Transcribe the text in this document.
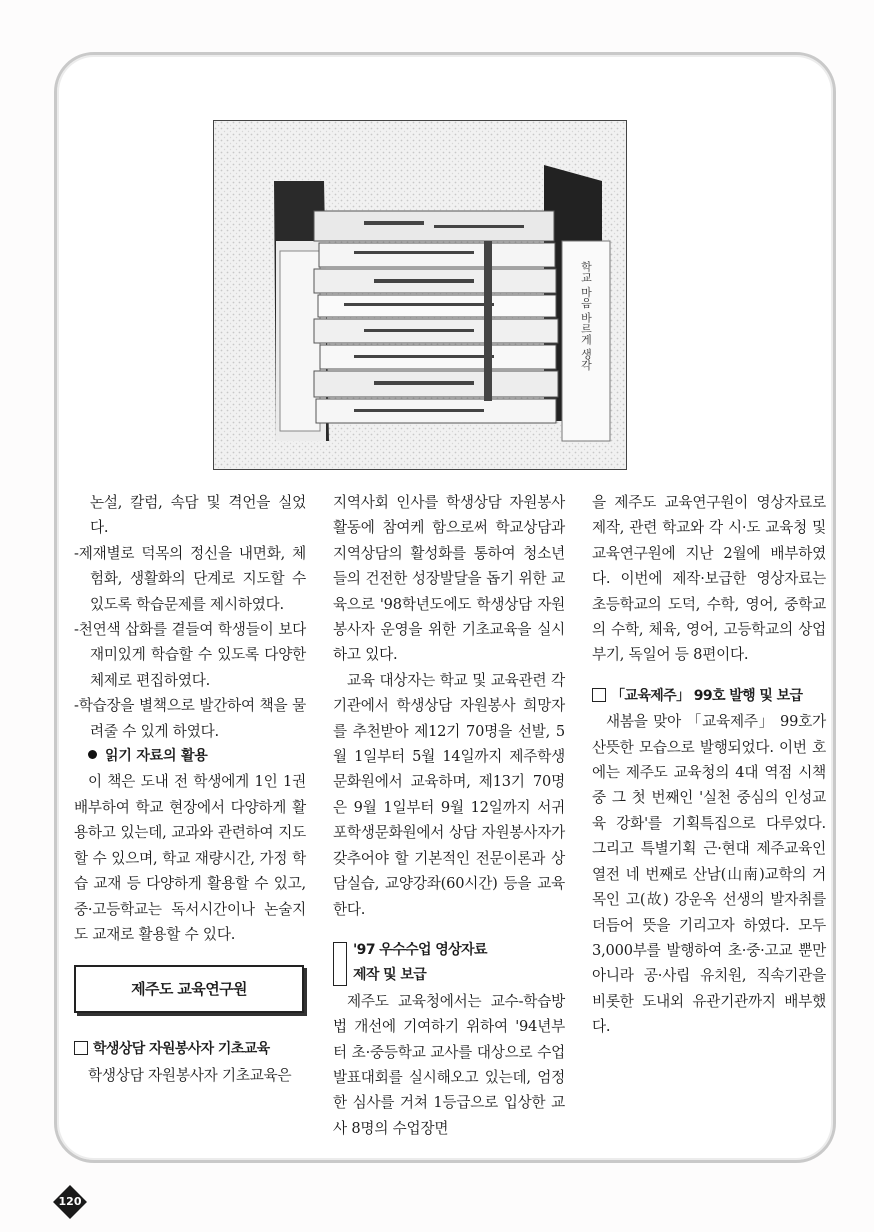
학교 마음 바르게 생각

논설, 칼럼, 속담 및 격언을 실었다.

-제재별로 덕목의 정신을 내면화, 체험화, 생활화의 단계로 지도할 수 있도록 학습문제를 제시하였다.

-천연색 삽화를 곁들여 학생들이 보다 재미있게 학습할 수 있도록 다양한 체제로 편집하였다.

-학습장을 별책으로 발간하여 책을 물려줄 수 있게 하였다.

읽기 자료의 활용

이 책은 도내 전 학생에게 1인 1권 배부하여 학교 현장에서 다양하게 활용하고 있는데, 교과와 관련하여 지도할 수 있으며, 학교 재량시간, 가정 학습 교재 등 다양하게 활용할 수 있고, 중·고등학교는 독서시간이나 논술지도 교재로 활용할 수 있다.

제주도 교육연구원

학생상담 자원봉사자 기초교육

학생상담 자원봉사자 기초교육은

지역사회 인사를 학생상담 자원봉사 활동에 참여케 함으로써 학교상담과 지역상담의 활성화를 통하여 청소년들의 건전한 성장발달을 돕기 위한 교육으로 '98학년도에도 학생상담 자원봉사자 운영을 위한 기초교육을 실시하고 있다.

교육 대상자는 학교 및 교육관련 각 기관에서 학생상담 자원봉사 희망자를 추천받아 제12기 70명을 선발, 5월 1일부터 5월 14일까지 제주학생문화원에서 교육하며, 제13기 70명은 9월 1일부터 9월 12일까지 서귀포학생문화원에서 상담 자원봉사자가 갖추어야 할 기본적인 전문이론과 상담실습, 교양강좌(60시간) 등을 교육한다.

'97 우수수업 영상자료
제작 및 보급

제주도 교육청에서는 교수-학습방법 개선에 기여하기 위하여 '94년부터 초·중등학교 교사를 대상으로 수업발표대회를 실시해오고 있는데, 엄정한 심사를 거쳐 1등급으로 입상한 교사 8명의 수업장면

을 제주도 교육연구원이 영상자료로 제작, 관련 학교와 각 시·도 교육청 및 교육연구원에 지난 2월에 배부하였다. 이번에 제작·보급한 영상자료는 초등학교의 도덕, 수학, 영어, 중학교의 수학, 체육, 영어, 고등학교의 상업부기, 독일어 등 8편이다.

「교육제주」 99호 발행 및 보급

새봄을 맞아 「교육제주」 99호가 산뜻한 모습으로 발행되었다. 이번 호에는 제주도 교육청의 4대 역점 시책 중 그 첫 번째인 '실천 중심의 인성교육 강화'를 기획특집으로 다루었다. 그리고 특별기획 근·현대 제주교육인 열전 네 번째로 산남(山南)교학의 거목인 고(故) 강운옥 선생의 발자취를 더듬어 뜻을 기리고자 하였다. 모두 3,000부를 발행하여 초·중·고교 뿐만 아니라 공·사립 유치원, 직속기관을 비롯한 도내외 유관기관까지 배부했다.

120
